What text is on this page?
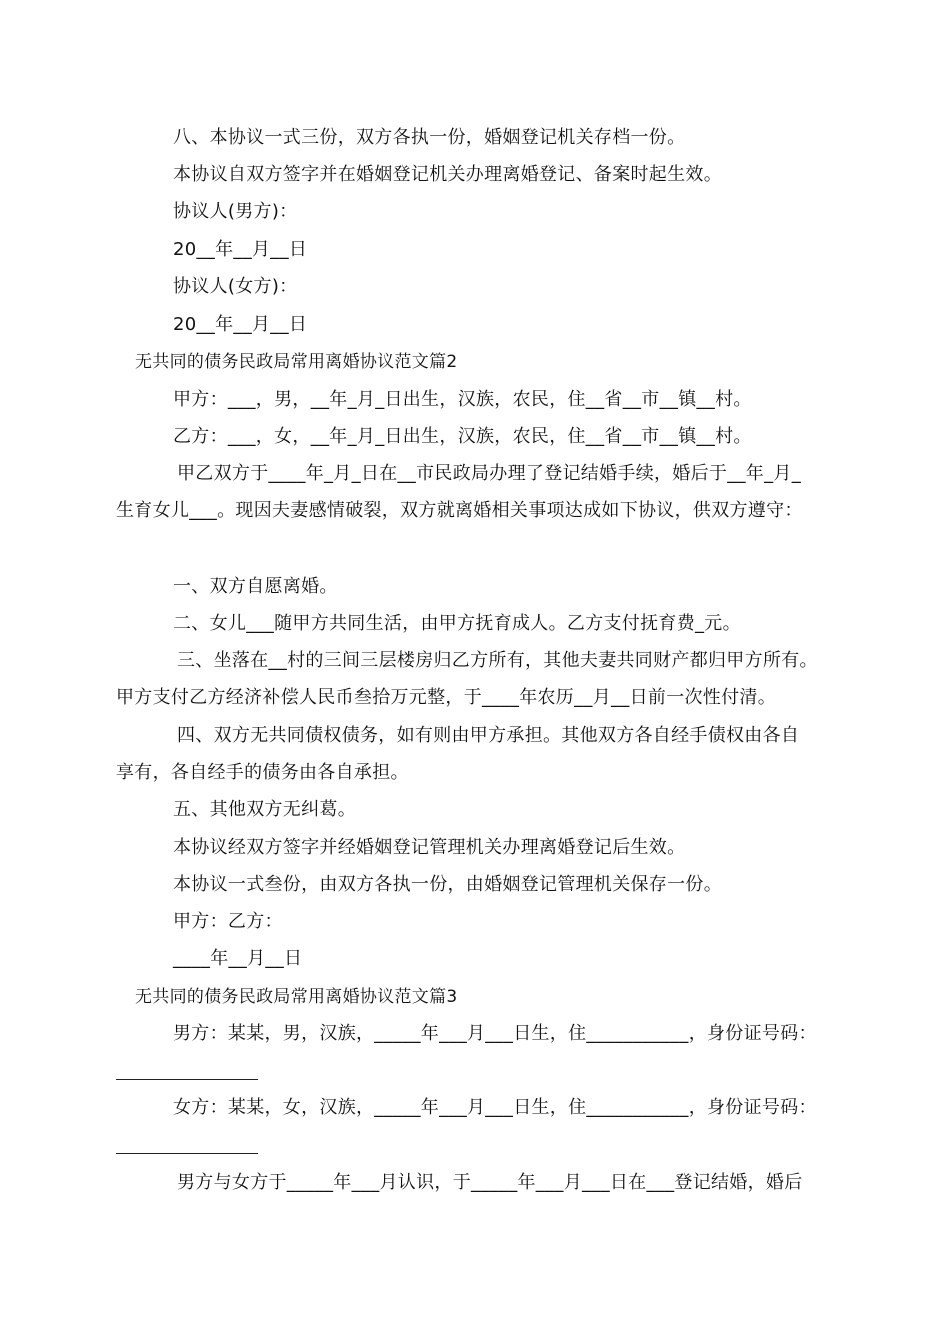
八、本协议一式三份，双方各执一份，婚姻登记机关存档一份。
本协议自双方签字并在婚姻登记机关办理离婚登记、备案时起生效。
协议人(男方)：
20__年__月__日
协议人(女方)：
20__年__月__日
无共同的债务民政局常用离婚协议范文篇2
甲方：___，男，__年_月_日出生，汉族，农民，住__省__市__镇__村。
乙方：___，女，__年_月_日出生，汉族，农民，住__省__市__镇__村。
甲乙双方于____年_月_日在__市民政局办理了登记结婚手续，婚后于__年_月_
生育女儿___。现因夫妻感情破裂，双方就离婚相关事项达成如下协议，供双方遵守：
一、双方自愿离婚。
二、女儿___随甲方共同生活，由甲方抚育成人。乙方支付抚育费_元。
三、坐落在__村的三间三层楼房归乙方所有，其他夫妻共同财产都归甲方所有。
甲方支付乙方经济补偿人民币叁拾万元整，于____年农历__月__日前一次性付清。
四、双方无共同债权债务，如有则由甲方承担。其他双方各自经手债权由各自
享有，各自经手的债务由各自承担。
五、其他双方无纠葛。
本协议经双方签字并经婚姻登记管理机关办理离婚登记后生效。
本协议一式叁份，由双方各执一份，由婚姻登记管理机关保存一份。
甲方：乙方：
____年__月__日
无共同的债务民政局常用离婚协议范文篇3
男方：某某，男，汉族，_____年___月___日生，住___________，身份证号码：
女方：某某，女，汉族，_____年___月___日生，住___________，身份证号码：
男方与女方于_____年___月认识，于_____年___月___日在___登记结婚，婚后
